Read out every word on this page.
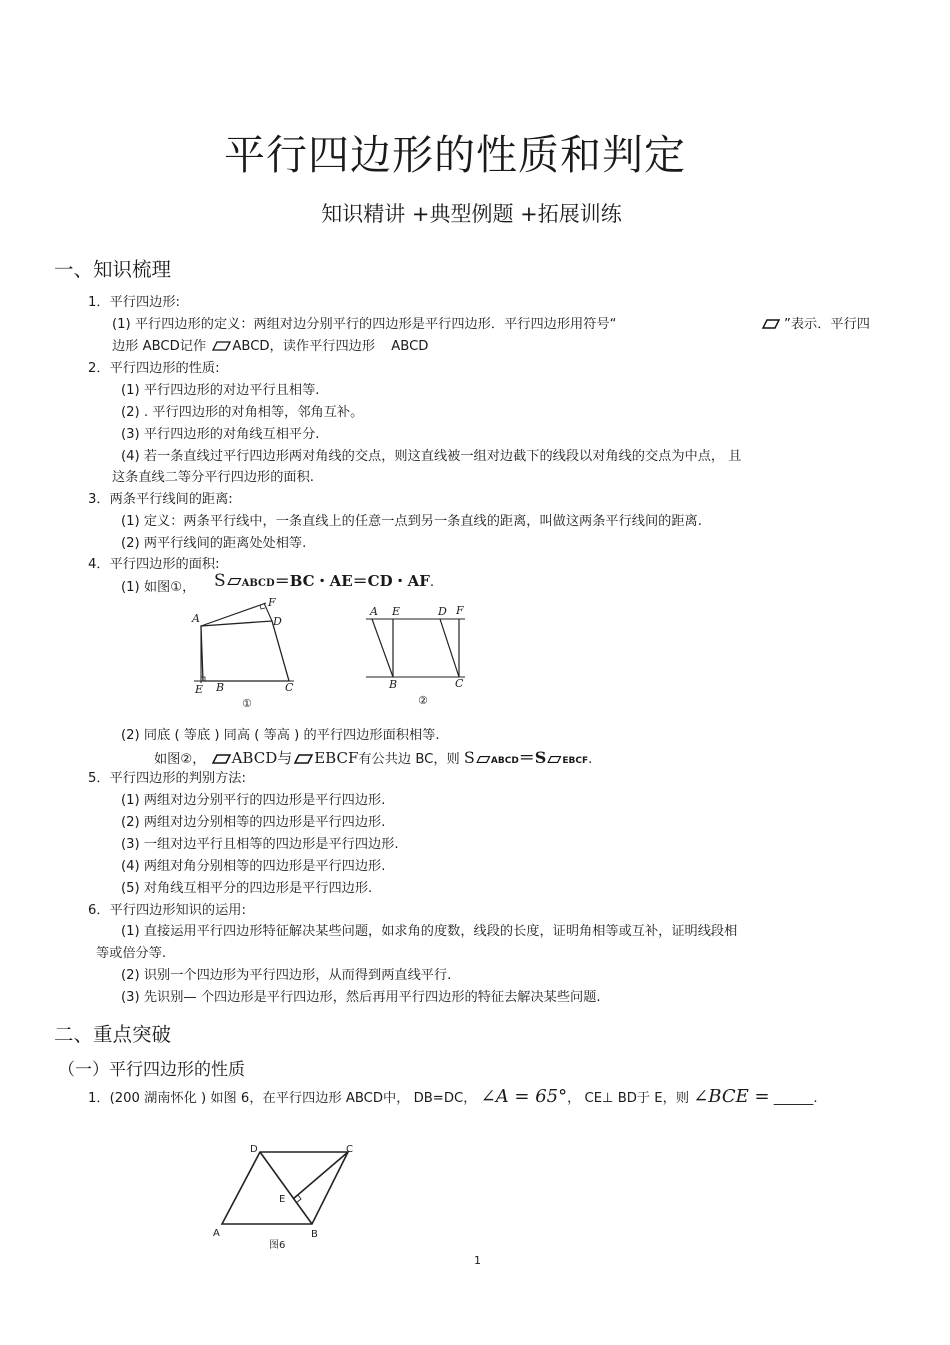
平行四边形的性质和判定
知识精讲 +典型例题 +拓展训练
一、知识梳理
1．平行四边形:
(1) 平行四边形的定义：两组对边分别平行的四边形是平行四边形．平行四边形用符号“	”表示．平行四
边形 ABCD记作 ABCD，读作平行四边形 ABCD
2．平行四边形的性质:
(1) 平行四边形的对边平行且相等.
(2) . 平行四边形的对角相等，邻角互补。
(3) 平行四边形的对角线互相平分.
(4) 若一条直线过平行四边形两对角线的交点，则这直线被一组对边截下的线段以对角线的交点为中点， 且
这条直线二等分平行四边形的面积.
3．两条平行线间的距离:
(1) 定义：两条平行线中，一条直线上的任意一点到另一条直线的距离，叫做这两条平行线间的距离.
(2) 两平行线间的距离处处相等.
4．平行四边形的面积:
(1) 如图①， S ABCD＝BC・AE＝CD・AF.
A
F
D
E B	C
①
A E	D F
B	C
②
(2) 同底 ( 等底 ) 同高 ( 等高 ) 的平行四边形面积相等.
如图②， ABCD与 EBCF有公共边 BC，则 S ABCD＝S EBCF.
5．平行四边形的判别方法:
(1) 两组对边分别平行的四边形是平行四边形.
(2) 两组对边分别相等的四边形是平行四边形.
(3) 一组对边平行且相等的四边形是平行四边形.
(4) 两组对角分别相等的四边形是平行四边形.
(5) 对角线互相平分的四边形是平行四边形.
6．平行四边形知识的运用:
(1) 直接运用平行四边形特征解决某些问题，如求角的度数，线段的长度，证明角相等或互补，证明线段相
等或倍分等.
(2) 识别一个四边形为平行四边形，从而得到两直线平行.
(3) 先识别— 个四边形是平行四边形，然后再用平行四边形的特征去解决某些问题.
二、重点突破
（一）平行四边形的性质
1．(200 湖南怀化 ) 如图 6，在平行四边形 ABCD中， DB=DC， ∠A = 65°， CE⊥ BD于 E，则 ∠BCE = ______.
D	C
E
A	B
图6
1
